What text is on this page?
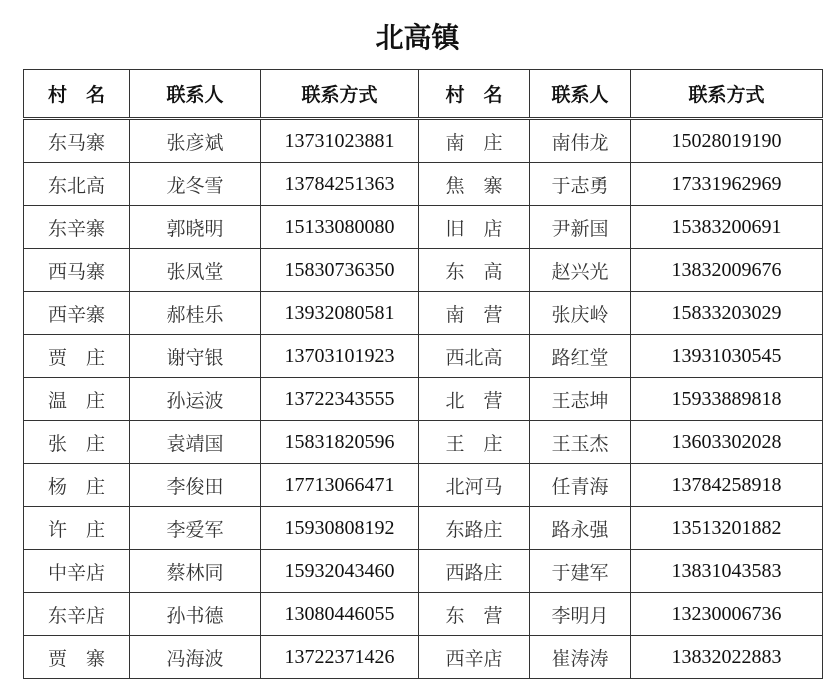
北高镇
村　名	联系人	联系方式	村　名	联系人	联系方式
东马寨	张彦斌	13731023881	南　庄	南伟龙	15028019190
东北高	龙冬雪	13784251363	焦　寨	于志勇	17331962969
东辛寨	郭晓明	15133080080	旧　店	尹新国	15383200691
西马寨	张凤堂	15830736350	东　高	赵兴光	13832009676
西辛寨	郝桂乐	13932080581	南　营	张庆岭	15833203029
贾　庄	谢守银	13703101923	西北高	路红堂	13931030545
温　庄	孙运波	13722343555	北　营	王志坤	15933889818
张　庄	袁靖国	15831820596	王　庄	王玉杰	13603302028
杨　庄	李俊田	17713066471	北河马	任青海	13784258918
许　庄	李爱军	15930808192	东路庄	路永强	13513201882
中辛店	蔡林同	15932043460	西路庄	于建军	13831043583
东辛店	孙书德	13080446055	东　营	李明月	13230006736
贾　寨	冯海波	13722371426	西辛店	崔涛涛	13832022883
